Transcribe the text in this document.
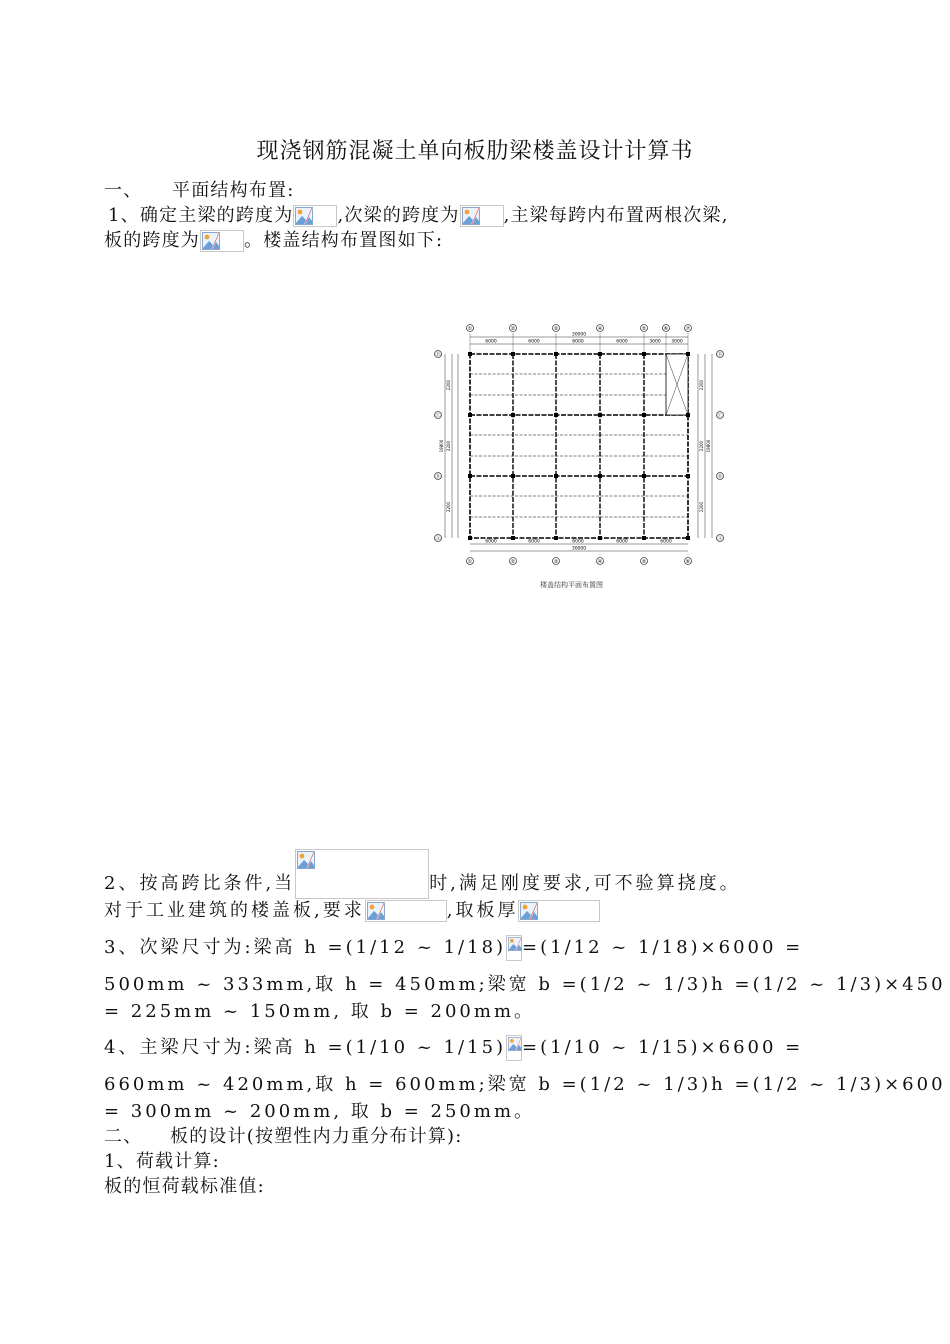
现浇钢筋混凝土单向板肋梁楼盖设计计算书
一、 平面结构布置:
1、确定主梁的跨度为 ,次梁的跨度为 ,主梁每跨内布置两根次梁,
板的跨度为 。楼盖结构布置图如下:
①	②	③	④	⑤	⑥	⑦
30000
6000	6000	6000	6000	3000 3000
Ⓓ
Ⓒ
Ⓑ
Ⓐ
19800
2200
2200
2200
Ⓓ
Ⓒ
Ⓑ
Ⓐ
19800
2200
2200
2200
6000	6000	6000	6000	6000
30000
①	②	③	④	⑤	⑥
楼盖结构平面布置图
2、按高跨比条件,当	时,满足刚度要求,可不验算挠度。
对于工业建筑的楼盖板,要求	,取板厚
3、次梁尺寸为:梁高 h =(1/12 ~ 1/18) =(1/12 ~ 1/18)×6000 =
500mm ~ 333mm,取 h = 450mm;梁宽 b =(1/2 ~ 1/3)h =(1/2 ~ 1/3)×450
= 225mm ~ 150mm, 取 b = 200mm。
4、主梁尺寸为:梁高 h =(1/10 ~ 1/15) =(1/10 ~ 1/15)×6600 =
660mm ~ 420mm,取 h = 600mm;梁宽 b =(1/2 ~ 1/3)h =(1/2 ~ 1/3)×600
= 300mm ~ 200mm, 取 b = 250mm。
二、 板的设计(按塑性内力重分布计算):
1、荷载计算:
板的恒荷载标准值:
